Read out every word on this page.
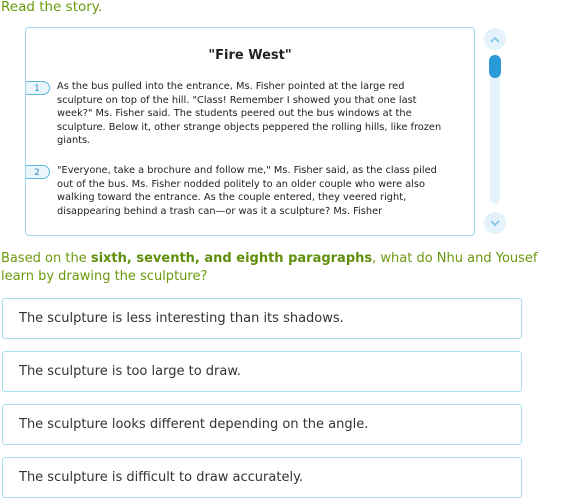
Read the story.
"Fire West"
1	As the bus pulled into the entrance, Ms. Fisher pointed at the large red sculpture on top of the hill. "Class! Remember I showed you that one last week?" Ms. Fisher said. The students peered out the bus windows at the sculpture. Below it, other strange objects peppered the rolling hills, like frozen giants.
2	"Everyone, take a brochure and follow me," Ms. Fisher said, as the class piled out of the bus. Ms. Fisher nodded politely to an older couple who were also walking toward the entrance. As the couple entered, they veered right, disappearing behind a trash can—or was it a sculpture? Ms. Fisher
Based on the sixth, seventh, and eighth paragraphs, what do Nhu and Yousef learn by drawing the sculpture?
The sculpture is less interesting than its shadows.
The sculpture is too large to draw.
The sculpture looks different depending on the angle.
The sculpture is difficult to draw accurately.
